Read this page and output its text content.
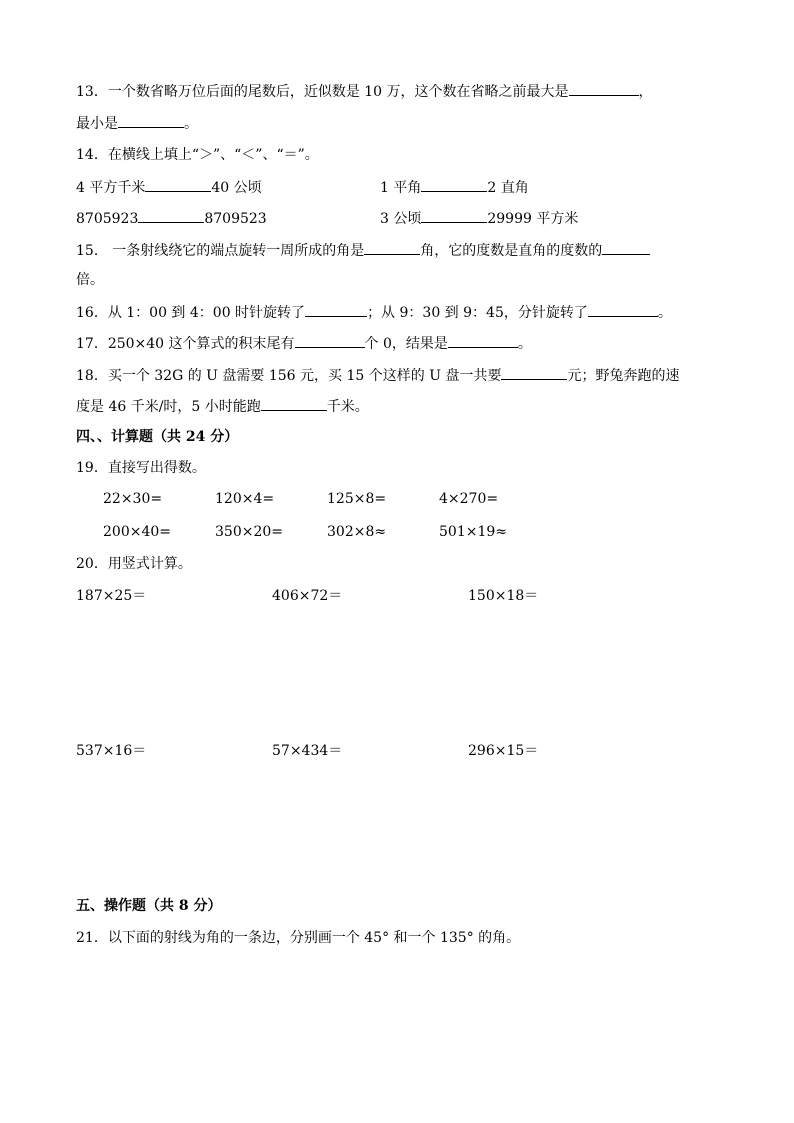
13．一个数省略万位后面的尾数后，近似数是 10 万，这个数在省略之前最大是	，
最小是	。
14．在横线上填上“＞”、“＜”、“＝”。
4 平方千米	40 公顷	1 平角	2 直角
8705923	8709523	3 公顷	29999 平方米
15． 一条射线绕它的端点旋转一周所成的角是	角，它的度数是直角的度数的
倍。
16．从 1：00 到 4：00 时针旋转了	；从 9：30 到 9：45，分针旋转了	。
17．250×40 这个算式的积末尾有	个 0，结果是	。
18．买一个 32G 的 U 盘需要 156 元，买 15 个这样的 U 盘一共要	元；野兔奔跑的速
度是 46 千米/时，5 小时能跑	千米。
四、、计算题（共 24 分）
19．直接写出得数。
22×30=	120×4=	125×8=	4×270=
200×40=	350×20=	302×8≈	501×19≈
20．用竖式计算。
187×25＝	406×72＝	150×18＝
537×16＝	57×434＝	296×15＝
五、操作题（共 8 分）
21．以下面的射线为角的一条边，分别画一个 45° 和一个 135° 的角。
